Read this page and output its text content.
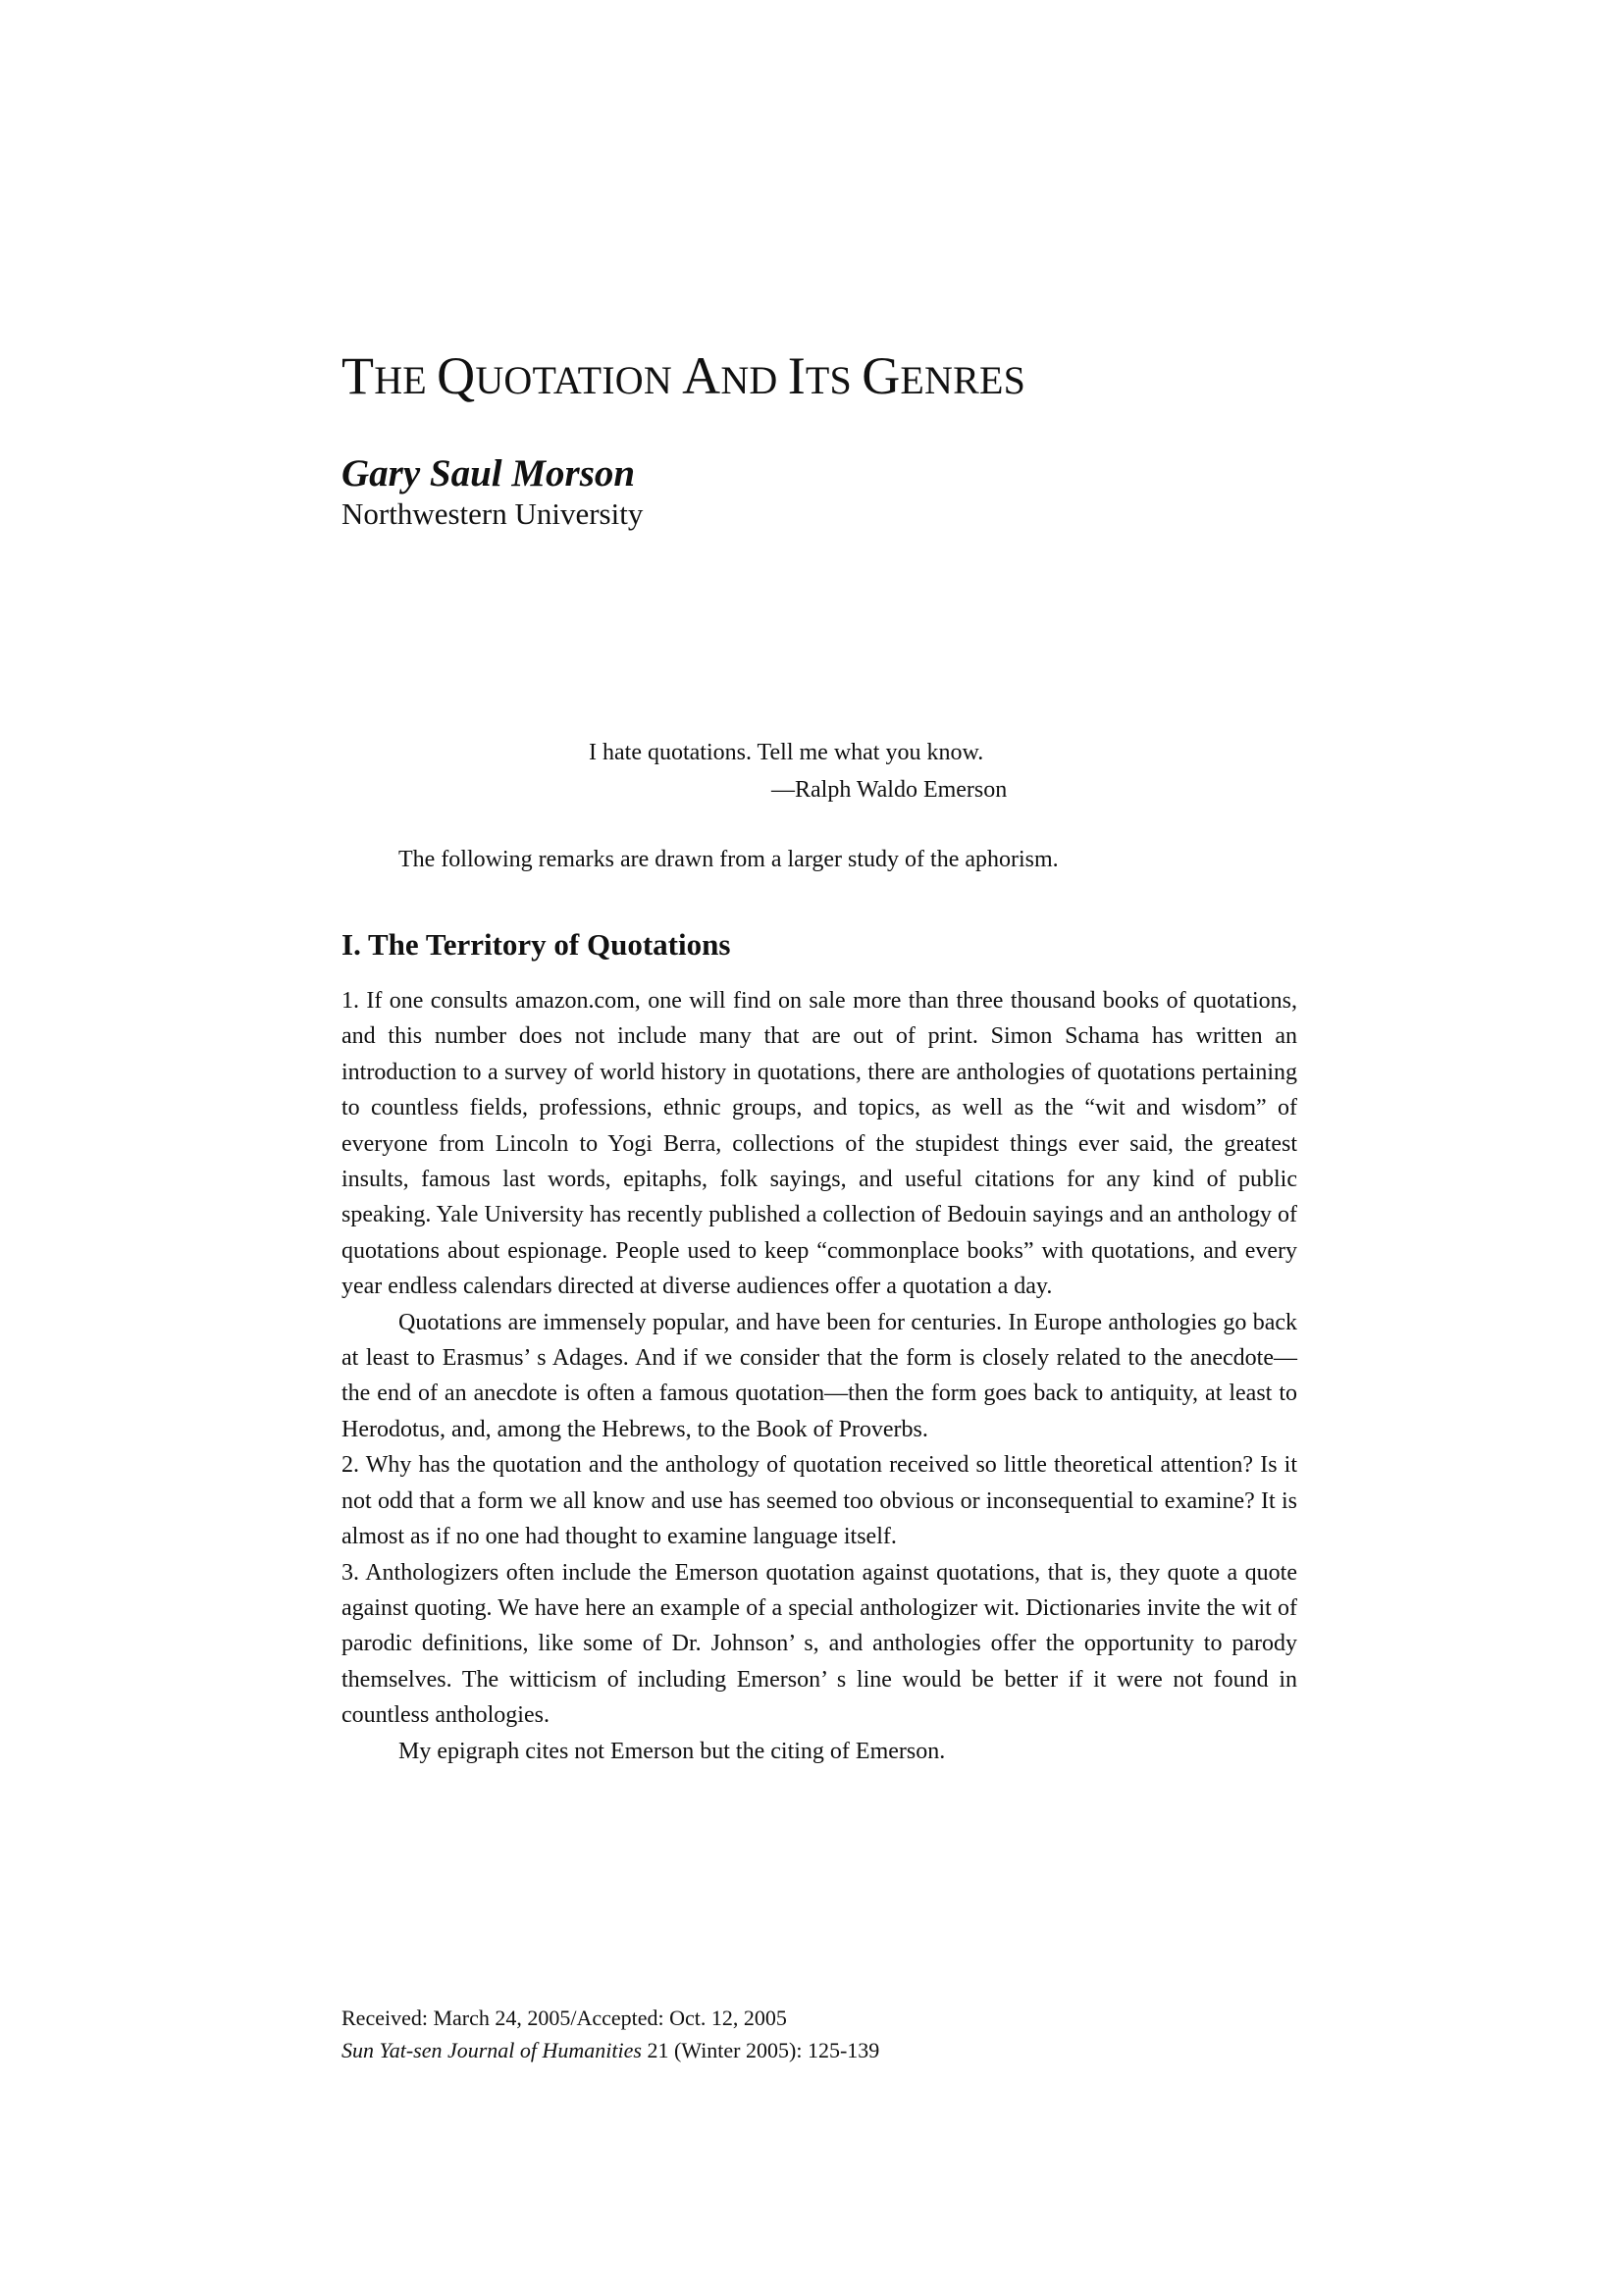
THE QUOTATION AND ITS GENRES
Gary Saul Morson
Northwestern University
I hate quotations. Tell me what you know.
—Ralph Waldo Emerson
The following remarks are drawn from a larger study of the aphorism.
I. The Territory of Quotations

1. If one consults amazon.com, one will find on sale more than three thousand books of quotations, and this number does not include many that are out of print. Simon Schama has written an introduction to a survey of world history in quotations, there are anthologies of quotations pertaining to countless fields, professions, ethnic groups, and topics, as well as the “wit and wisdom” of everyone from Lincoln to Yogi Berra, collections of the stupidest things ever said, the greatest insults, famous last words, epitaphs, folk sayings, and useful citations for any kind of public speaking. Yale University has recently published a collection of Bedouin sayings and an anthology of quotations about espionage. People used to keep “commonplace books” with quotations, and every year endless calendars directed at diverse audiences offer a quotation a day.

Quotations are immensely popular, and have been for centuries. In Europe anthologies go back at least to Erasmus’ s Adages. And if we consider that the form is closely related to the anecdote—the end of an anecdote is often a famous quotation—then the form goes back to antiquity, at least to Herodotus, and, among the Hebrews, to the Book of Proverbs.

2. Why has the quotation and the anthology of quotation received so little theoretical attention? Is it not odd that a form we all know and use has seemed too obvious or inconsequential to examine? It is almost as if no one had thought to examine language itself.

3. Anthologizers often include the Emerson quotation against quotations, that is, they quote a quote against quoting. We have here an example of a special anthologizer wit. Dictionaries invite the wit of parodic definitions, like some of Dr. Johnson’ s, and anthologies offer the opportunity to parody themselves. The witticism of including Emerson’ s line would be better if it were not found in countless anthologies.

My epigraph cites not Emerson but the citing of Emerson.

Received: March 24, 2005/Accepted: Oct. 12, 2005
Sun Yat-sen Journal of Humanities 21 (Winter 2005): 125-139
